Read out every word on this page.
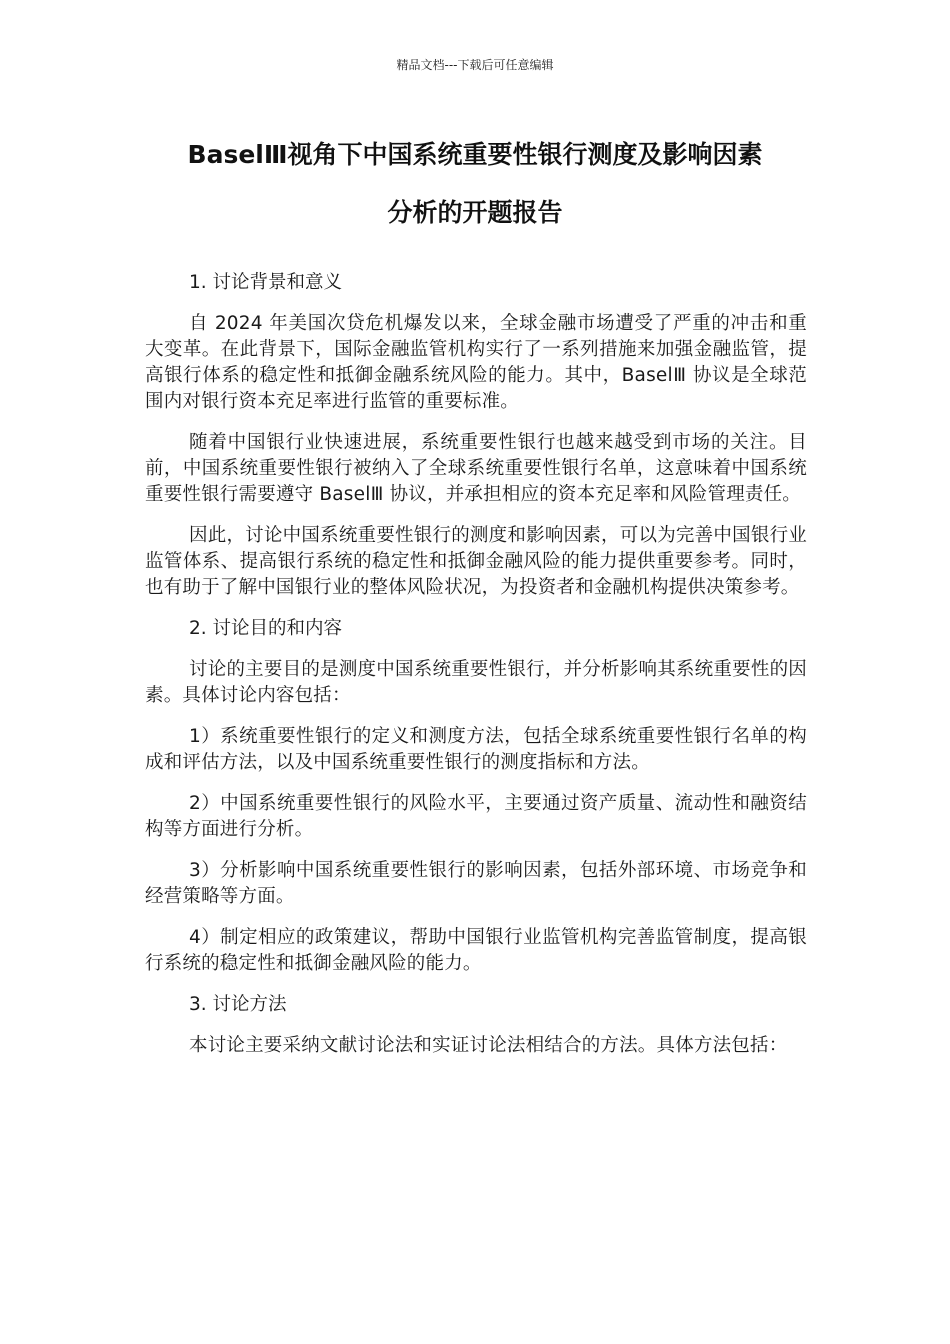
精品文档---下载后可任意编辑
BaselⅢ视角下中国系统重要性银行测度及影响因素
分析的开题报告

1. 讨论背景和意义

自 2024 年美国次贷危机爆发以来，全球金融市场遭受了严重的冲击和重大变革。在此背景下，国际金融监管机构实行了一系列措施来加强金融监管，提高银行体系的稳定性和抵御金融系统风险的能力。其中，BaselⅢ 协议是全球范围内对银行资本充足率进行监管的重要标准。

随着中国银行业快速进展，系统重要性银行也越来越受到市场的关注。目前，中国系统重要性银行被纳入了全球系统重要性银行名单，这意味着中国系统重要性银行需要遵守 BaselⅢ 协议，并承担相应的资本充足率和风险管理责任。

因此，讨论中国系统重要性银行的测度和影响因素，可以为完善中国银行业监管体系、提高银行系统的稳定性和抵御金融风险的能力提供重要参考。同时，也有助于了解中国银行业的整体风险状况，为投资者和金融机构提供决策参考。

2. 讨论目的和内容

讨论的主要目的是测度中国系统重要性银行，并分析影响其系统重要性的因素。具体讨论内容包括：

1）系统重要性银行的定义和测度方法，包括全球系统重要性银行名单的构成和评估方法，以及中国系统重要性银行的测度指标和方法。

2）中国系统重要性银行的风险水平，主要通过资产质量、流动性和融资结构等方面进行分析。

3）分析影响中国系统重要性银行的影响因素，包括外部环境、市场竞争和经营策略等方面。

4）制定相应的政策建议，帮助中国银行业监管机构完善监管制度，提高银行系统的稳定性和抵御金融风险的能力。

3. 讨论方法

本讨论主要采纳文献讨论法和实证讨论法相结合的方法。具体方法包括：
